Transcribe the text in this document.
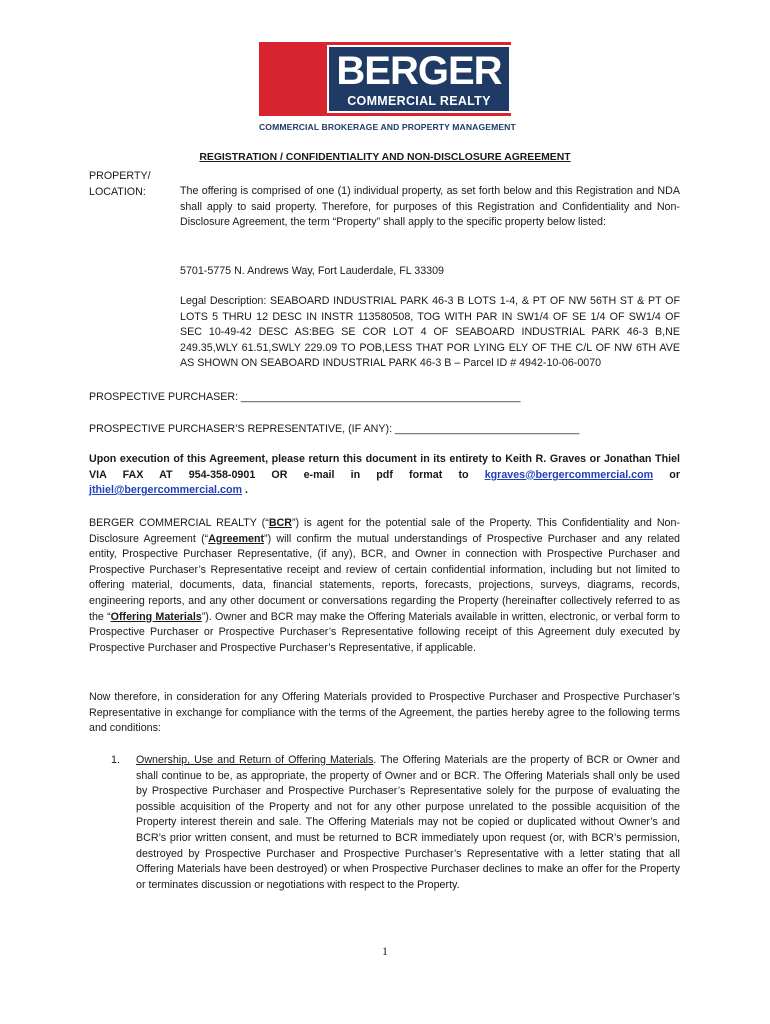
BERGER
COMMERCIAL REALTY
COMMERCIAL BROKERAGE AND PROPERTY MANAGEMENT
REGISTRATION / CONFIDENTIALITY AND NON-DISCLOSURE AGREEMENT
PROPERTY/
LOCATION:	The offering is comprised of one (1) individual property, as set forth below and this Registration and NDA shall apply to said property. Therefore, for purposes of this Registration and Confidentiality and Non-Disclosure Agreement, the term “Property” shall apply to the specific property below listed:
5701-5775 N. Andrews Way, Fort Lauderdale, FL 33309
Legal Description: SEABOARD INDUSTRIAL PARK 46-3 B LOTS 1-4, & PT OF NW 56TH ST & PT OF LOTS 5 THRU 12 DESC IN INSTR 113580508, TOG WITH PAR IN SW1/4 OF SE 1/4 OF SW1/4 OF SEC 10-49-42 DESC AS:BEG SE COR LOT 4 OF SEABOARD INDUSTRIAL PARK 46-3 B,NE 249.35,WLY 61.51,SWLY 229.09 TO POB,LESS THAT POR LYING ELY OF THE C/L OF NW 6TH AVE AS SHOWN ON SEABOARD INDUSTRIAL PARK 46-3 B – Parcel ID # 4942-10-06-0070
PROSPECTIVE PURCHASER: _______________________________________________
PROSPECTIVE PURCHASER’S REPRESENTATIVE, (IF ANY): _______________________________
Upon execution of this Agreement, please return this document in its entirety to Keith R. Graves or Jonathan Thiel VIA FAX AT 954-358-0901 OR e-mail in pdf format to kgraves@bergercommercial.com or jthiel@bergercommercial.com .
BERGER COMMERCIAL REALTY (“BCR”) is agent for the potential sale of the Property. This Confidentiality and Non-Disclosure Agreement (“Agreement”) will confirm the mutual understandings of Prospective Purchaser and any related entity, Prospective Purchaser Representative, (if any), BCR, and Owner in connection with Prospective Purchaser and Prospective Purchaser’s Representative receipt and review of certain confidential information, including but not limited to offering material, documents, data, financial statements, reports, forecasts, projections, surveys, diagrams, records, engineering reports, and any other document or conversations regarding the Property (hereinafter collectively referred to as the “Offering Materials”). Owner and BCR may make the Offering Materials available in written, electronic, or verbal form to Prospective Purchaser or Prospective Purchaser’s Representative following receipt of this Agreement duly executed by Prospective Purchaser and Prospective Purchaser’s Representative, if applicable.
Now therefore, in consideration for any Offering Materials provided to Prospective Purchaser and Prospective Purchaser’s Representative in exchange for compliance with the terms of the Agreement, the parties hereby agree to the following terms and conditions:
1.	Ownership, Use and Return of Offering Materials. The Offering Materials are the property of BCR or Owner and shall continue to be, as appropriate, the property of Owner and or BCR. The Offering Materials shall only be used by Prospective Purchaser and Prospective Purchaser’s Representative solely for the purpose of evaluating the possible acquisition of the Property and not for any other purpose unrelated to the possible acquisition of the Property interest therein and sale. The Offering Materials may not be copied or duplicated without Owner’s and BCR’s prior written consent, and must be returned to BCR immediately upon request (or, with BCR’s permission, destroyed by Prospective Purchaser and Prospective Purchaser’s Representative with a letter stating that all Offering Materials have been destroyed) or when Prospective Purchaser declines to make an offer for the Property or terminates discussion or negotiations with respect to the Property.
1
